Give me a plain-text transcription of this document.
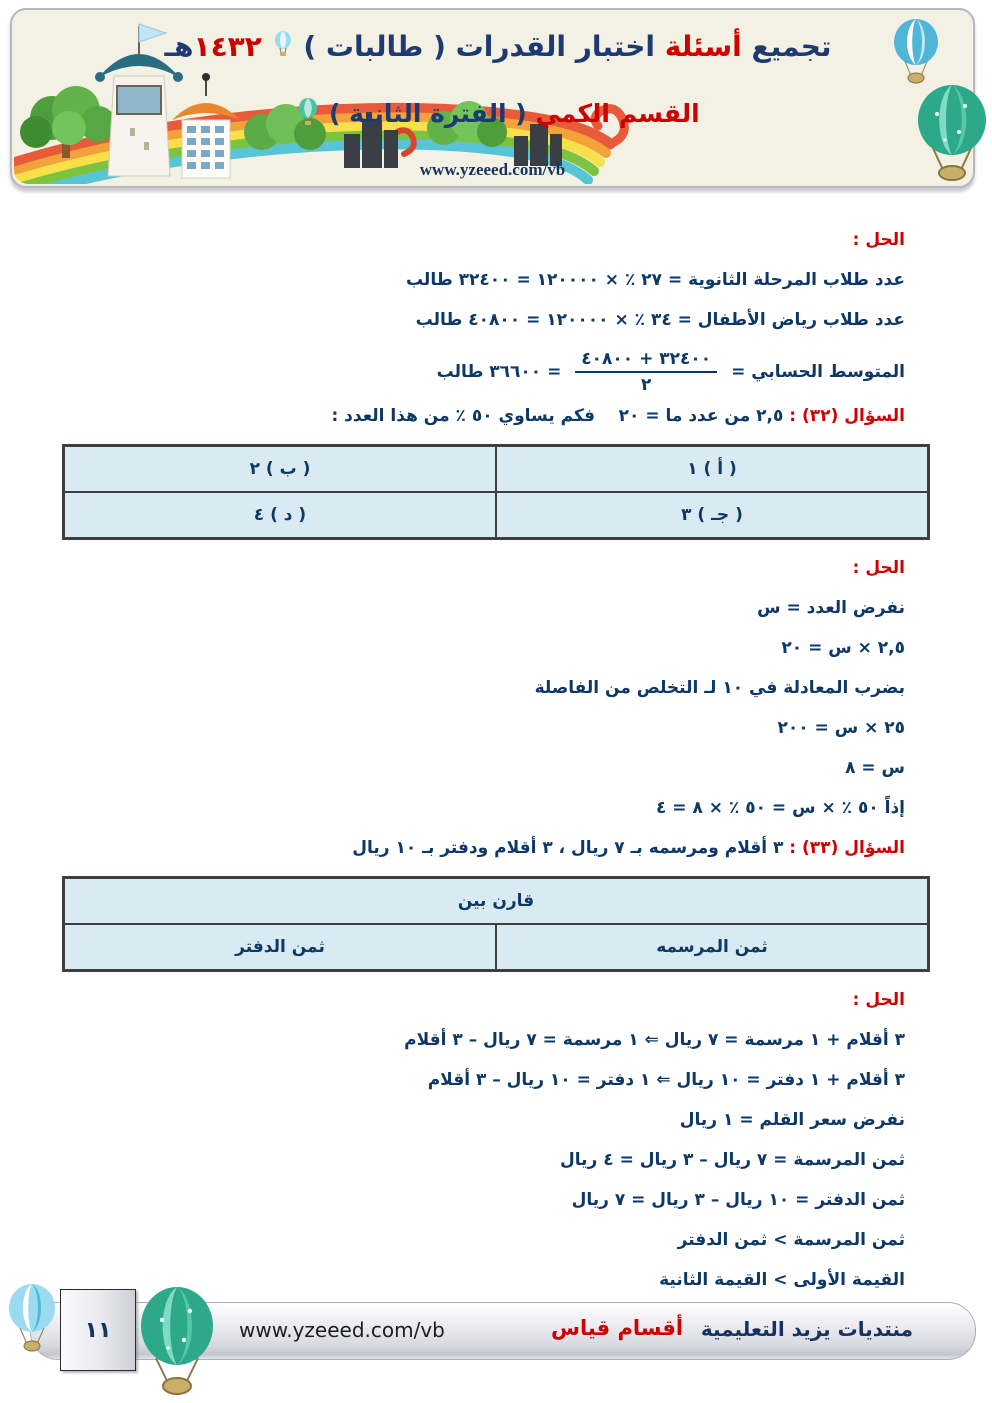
تجميع أسئلة اختبار القدرات ( طالبات )  ١٤٣٢هـ
القسم الكمي ( الفترة الثانية )
www.yzeeed.com/vb
الحل :
عدد طلاب المرحلة الثانوية = ٢٧ ٪ × ١٢٠٠٠٠ = ٣٢٤٠٠ طالب
عدد طلاب رياض الأطفال = ٣٤ ٪ × ١٢٠٠٠٠ = ٤٠٨٠٠ طالب
المتوسط الحسابي =
$\frac{٣٢٤٠٠ + ٤٠٨٠٠}{٢}$
= ٣٦٦٠٠ طالب
السؤال (٣٢) : ٢,٥ من عدد ما = ٢٠    فكم يساوي ٥٠ ٪ من هذا العدد :
( أ ) ١	( ب ) ٢
( جـ ) ٣	( د ) ٤
الحل :
نفرض العدد = س
٢,٥ × س = ٢٠
بضرب المعادلة في ١٠ لـ التخلص من الفاصلة
٢٥ × س = ٢٠٠
س = ٨
إذاً ٥٠ ٪ × س = ٥٠ ٪ × ٨ = ٤
السؤال (٣٣) : ٣ أقلام ومرسمه بـ ٧ ريال ، ٣ أقلام ودفتر بـ ١٠ ريال
قارن بين
ثمن المرسمه	ثمن الدفتر
الحل :
٣ أقلام + ١ مرسمة = ٧ ريال ⇐ ١ مرسمة = ٧ ريال – ٣ أقلام
٣ أقلام + ١ دفتر = ١٠ ريال ⇐ ١ دفتر = ١٠ ريال – ٣ أقلام
نفرض سعر القلم = ١ ريال
ثمن المرسمة = ٧ ريال – ٣ ريال = ٤ ريال
ثمن الدفتر = ١٠ ريال – ٣ ريال = ٧ ريال
ثمن المرسمة > ثمن الدفتر
القيمة الأولى > القيمة الثانية
منتديات يزيد التعليمية
أقسام قياس
www.yzeeed.com/vb
١١
